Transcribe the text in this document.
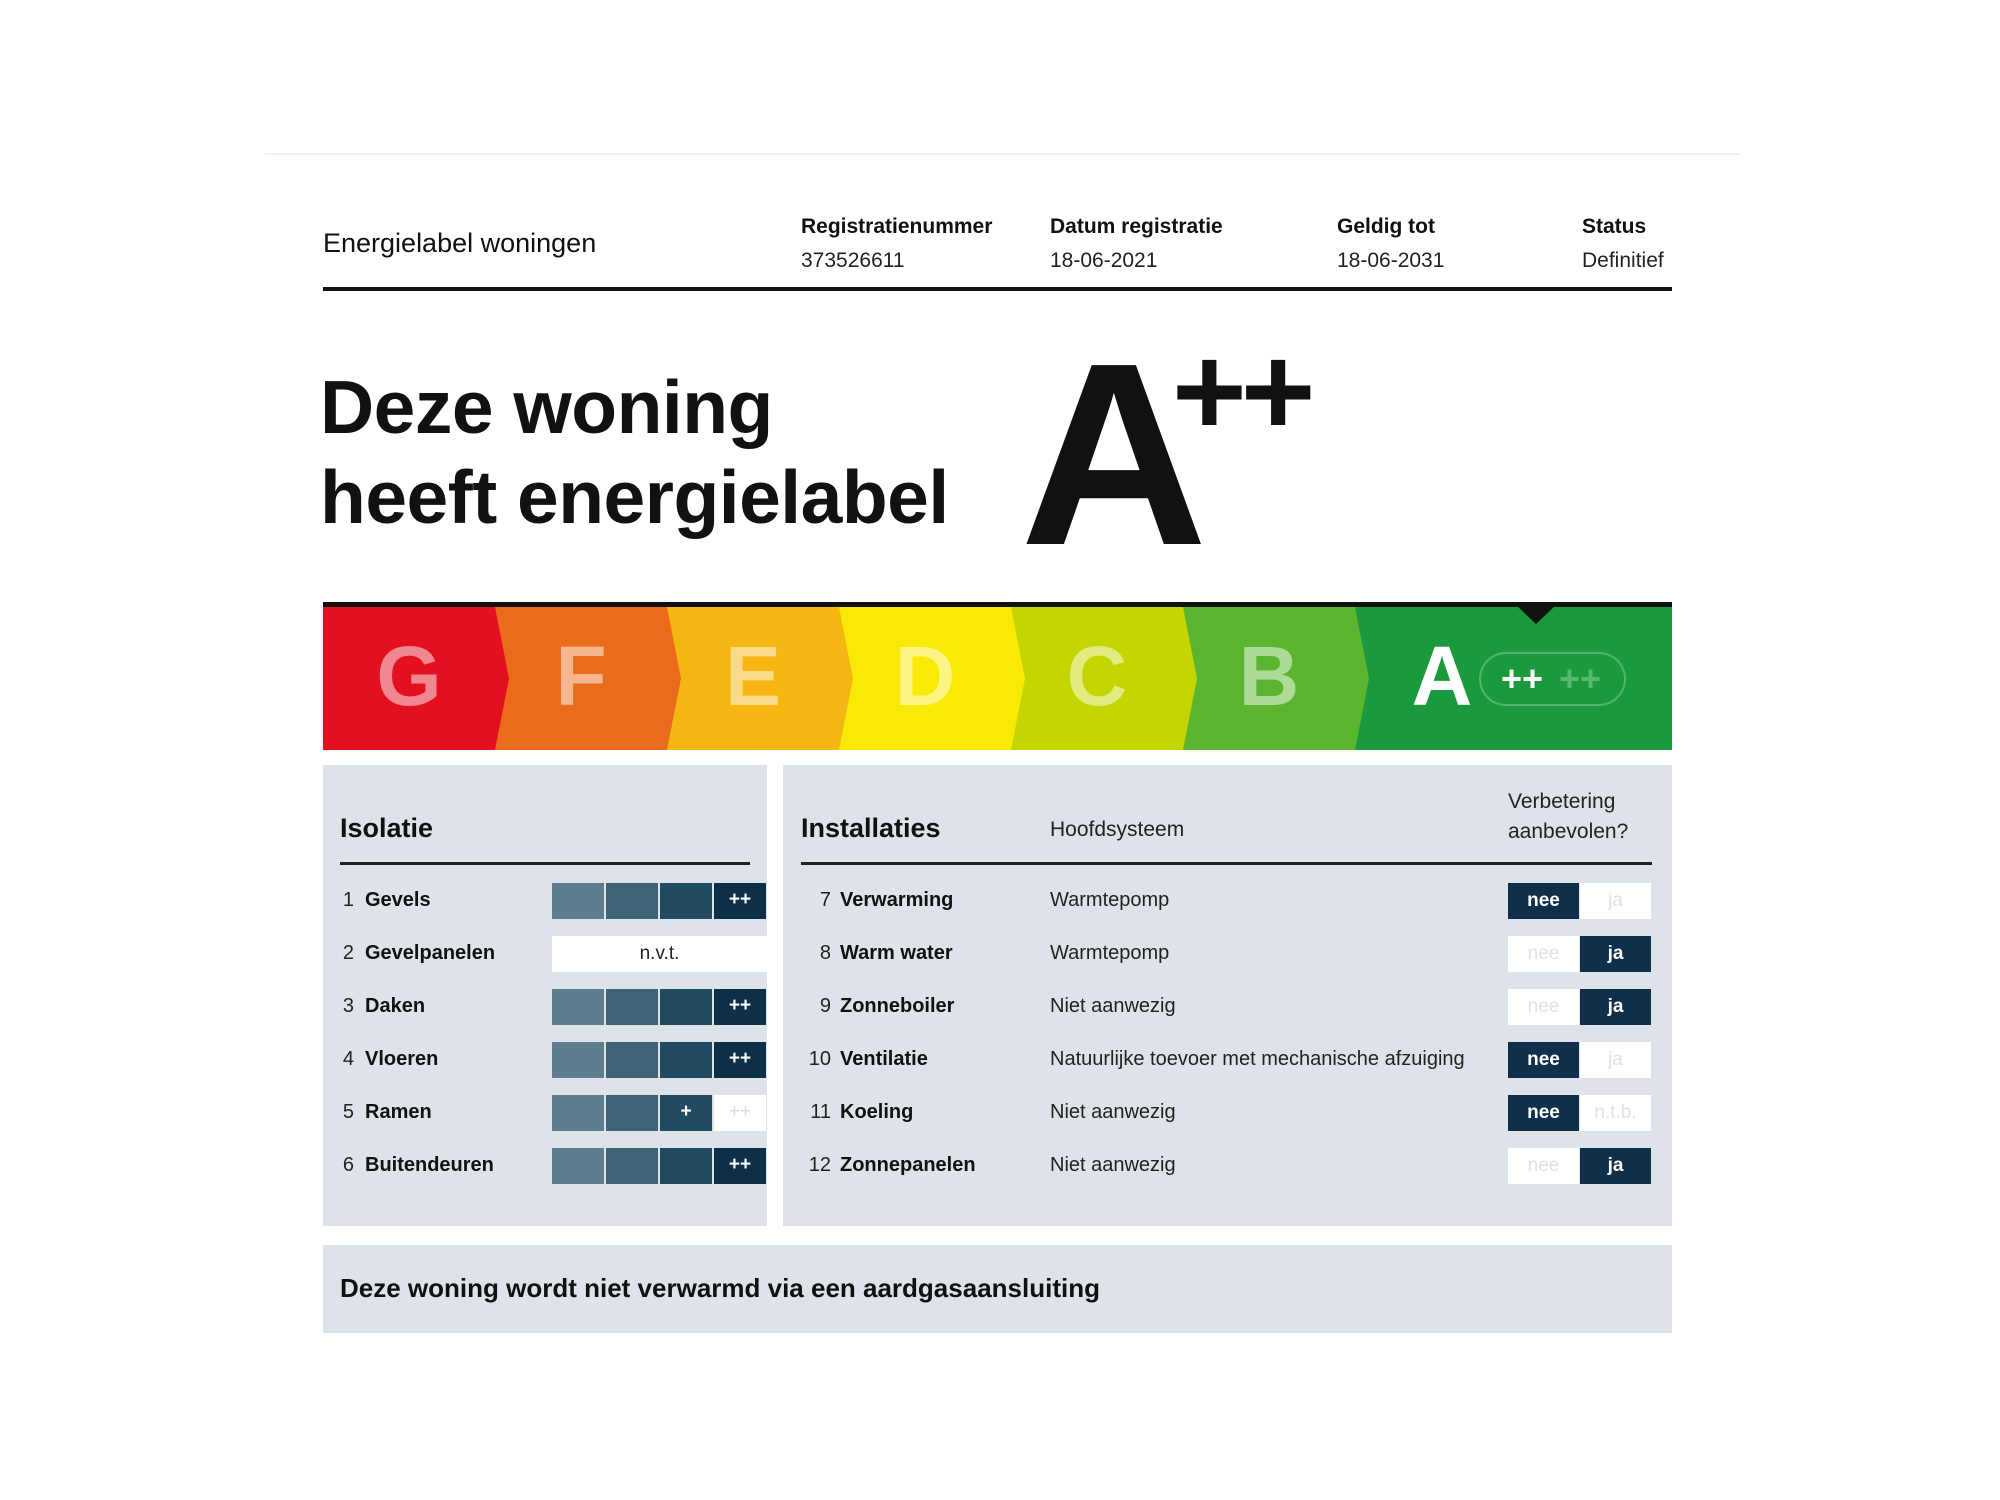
Energielabel woningen
Registratienummer
373526611
Datum registratie
18-06-2021
Geldig tot
18-06-2031
Status
Definitief
Deze woning
heeft energielabel A
++
G F E D C B A ++ ++
Isolatie
1 Gevels	++
2 Gevelpanelen	n.v.t.
3 Daken	++
4 Vloeren	++
5 Ramen	+	++
6 Buitendeuren	++
Installaties	Hoofdsysteem
Verbetering
aanbevolen?
7 Verwarming	Warmtepomp	nee	ja
8 Warm water	Warmtepomp	nee	ja
9 Zonneboiler	Niet aanwezig	nee	ja
10 Ventilatie	Natuurlijke toevoer met mechanische afzuiging	nee	ja
11 Koeling	Niet aanwezig	nee	n.t.b.
12 Zonnepanelen	Niet aanwezig	nee	ja
Deze woning wordt niet verwarmd via een aardgasaansluiting
